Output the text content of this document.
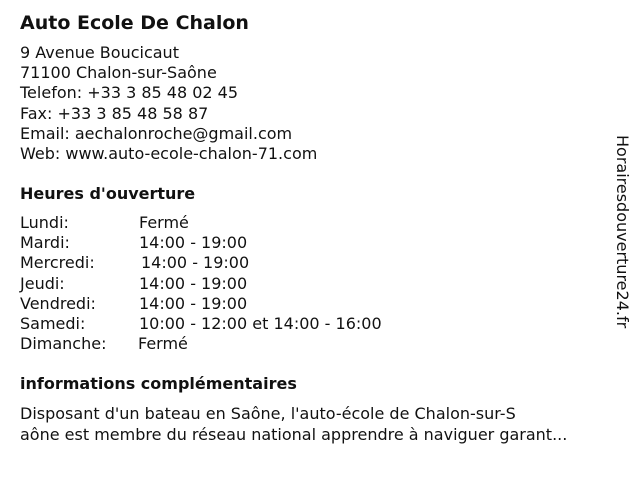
Auto Ecole De Chalon
9 Avenue Boucicaut
71100 Chalon-sur-Saône
Telefon: +33 3 85 48 02 45
Fax: +33 3 85 48 58 87
Email: aechalonroche@gmail.com
Web: www.auto-ecole-chalon-71.com
Heures d'ouverture
Lundi:	Fermé
Mardi:	14:00 - 19:00
Mercredi:	14:00 - 19:00
Jeudi:	14:00 - 19:00
Vendredi:	14:00 - 19:00
Samedi:	10:00 - 12:00 et 14:00 - 16:00
Dimanche: Fermé
informations complémentaires
Disposant d'un bateau en Saône, l'auto-école de Chalon-sur-S
aône est membre du réseau national apprendre à naviguer garant...
Horairesdouverture24.fr
